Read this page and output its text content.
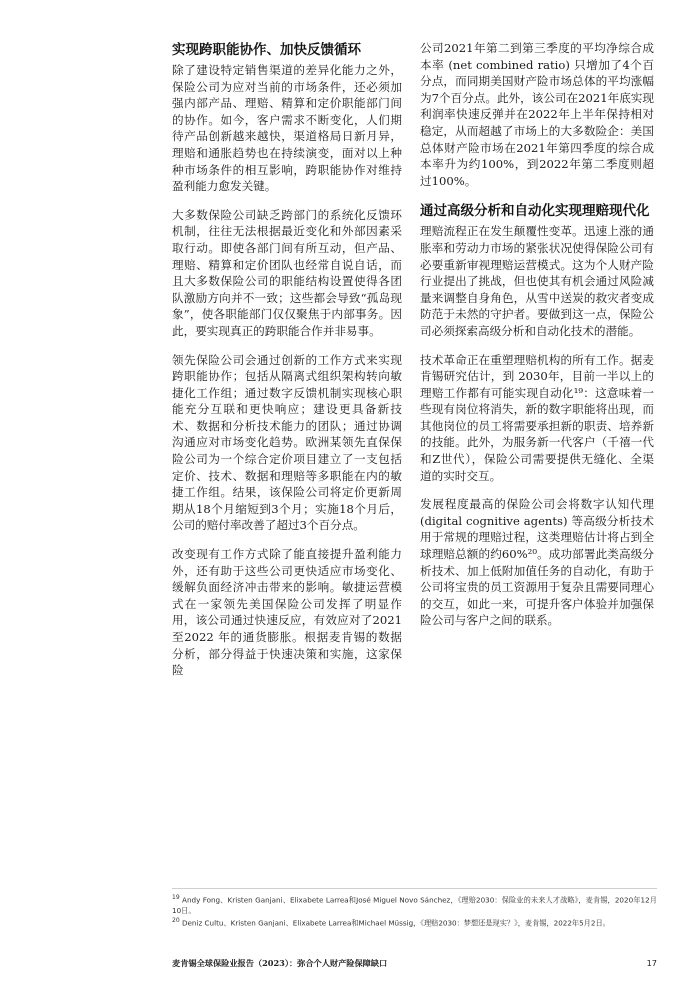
实现跨职能协作、加快反馈循环

除了建设特定销售渠道的差异化能力之外，保险公司为应对当前的市场条件，还必须加强内部产品、理赔、精算和定价职能部门间的协作。如今，客户需求不断变化，人们期待产品创新越来越快，渠道格局日新月异，理赔和通胀趋势也在持续演变，面对以上种种市场条件的相互影响，跨职能协作对维持盈利能力愈发关键。

大多数保险公司缺乏跨部门的系统化反馈环机制，往往无法根据最近变化和外部因素采取行动。即使各部门间有所互动，但产品、理赔、精算和定价团队也经常自说自话，而且大多数保险公司的职能结构设置使得各团队激励方向并不一致；这些都会导致“孤岛现象”，使各职能部门仅仅聚焦于内部事务。因此，要实现真正的跨职能合作并非易事。

领先保险公司会通过创新的工作方式来实现跨职能协作；包括从隔离式组织架构转向敏捷化工作组；通过数字反馈机制实现核心职能充分互联和更快响应；建设更具备新技术、数据和分析技术能力的团队；通过协调沟通应对市场变化趋势。欧洲某领先直保保险公司为一个综合定价项目建立了一支包括定价、技术、数据和理赔等多职能在内的敏捷工作组。结果，该保险公司将定价更新周期从18个月缩短到3个月；实施18个月后，公司的赔付率改善了超过3个百分点。

改变现有工作方式除了能直接提升盈利能力外，还有助于这些公司更快适应市场变化、缓解负面经济冲击带来的影响。敏捷运营模式在一家领先美国保险公司发挥了明显作用，该公司通过快速反应，有效应对了2021至2022 年的通货膨胀。根据麦肯锡的数据分析，部分得益于快速决策和实施，这家保险

公司2021年第二到第三季度的平均净综合成本率 (net combined ratio) 只增加了4个百分点，而同期美国财产险市场总体的平均涨幅为7个百分点。此外，该公司在2021年底实现利润率快速反弹并在2022年上半年保持相对稳定，从而超越了市场上的大多数险企：美国总体财产险市场在2021年第四季度的综合成本率升为约100%，到2022年第二季度则超过100%。

通过高级分析和自动化实现理赔现代化

理赔流程正在发生颠覆性变革。迅速上涨的通胀率和劳动力市场的紧张状况使得保险公司有必要重新审视理赔运营模式。这为个人财产险行业提出了挑战，但也使其有机会通过风险减量来调整自身角色，从雪中送炭的救灾者变成防范于未然的守护者。要做到这一点，保险公司必须探索高级分析和自动化技术的潜能。

技术革命正在重塑理赔机构的所有工作。据麦肯锡研究估计，到 2030年，目前一半以上的理赔工作都有可能实现自动化¹⁹：这意味着一些现有岗位将消失，新的数字职能将出现，而其他岗位的员工将需要承担新的职责、培养新的技能。此外，为服务新一代客户（千禧一代和Z世代），保险公司需要提供无缝化、全渠道的实时交互。

发展程度最高的保险公司会将数字认知代理 (digital cognitive agents) 等高级分析技术用于常规的理赔过程，这类理赔估计将占到全球理赔总额的约60%²⁰。成功部署此类高级分析技术、加上低附加值任务的自动化，有助于公司将宝贵的员工资源用于复杂且需要同理心的交互，如此一来，可提升客户体验并加强保险公司与客户之间的联系。

$^{19}$ Andy Fong、Kristen Ganjani、Elixabete Larrea和José Miguel Novo Sánchez，《理赔2030：保险业的未来人才战略》，麦肯锡，2020年12月10日。

$^{20}$ Deniz Cultu、Kristen Ganjani、Elixabete Larrea和Michael Müssig，《理赔2030：梦想还是现实？》，麦肯锡，2022年5月2日。

麦肯锡全球保险业报告（2023）：弥合个人财产险保障缺口	17
